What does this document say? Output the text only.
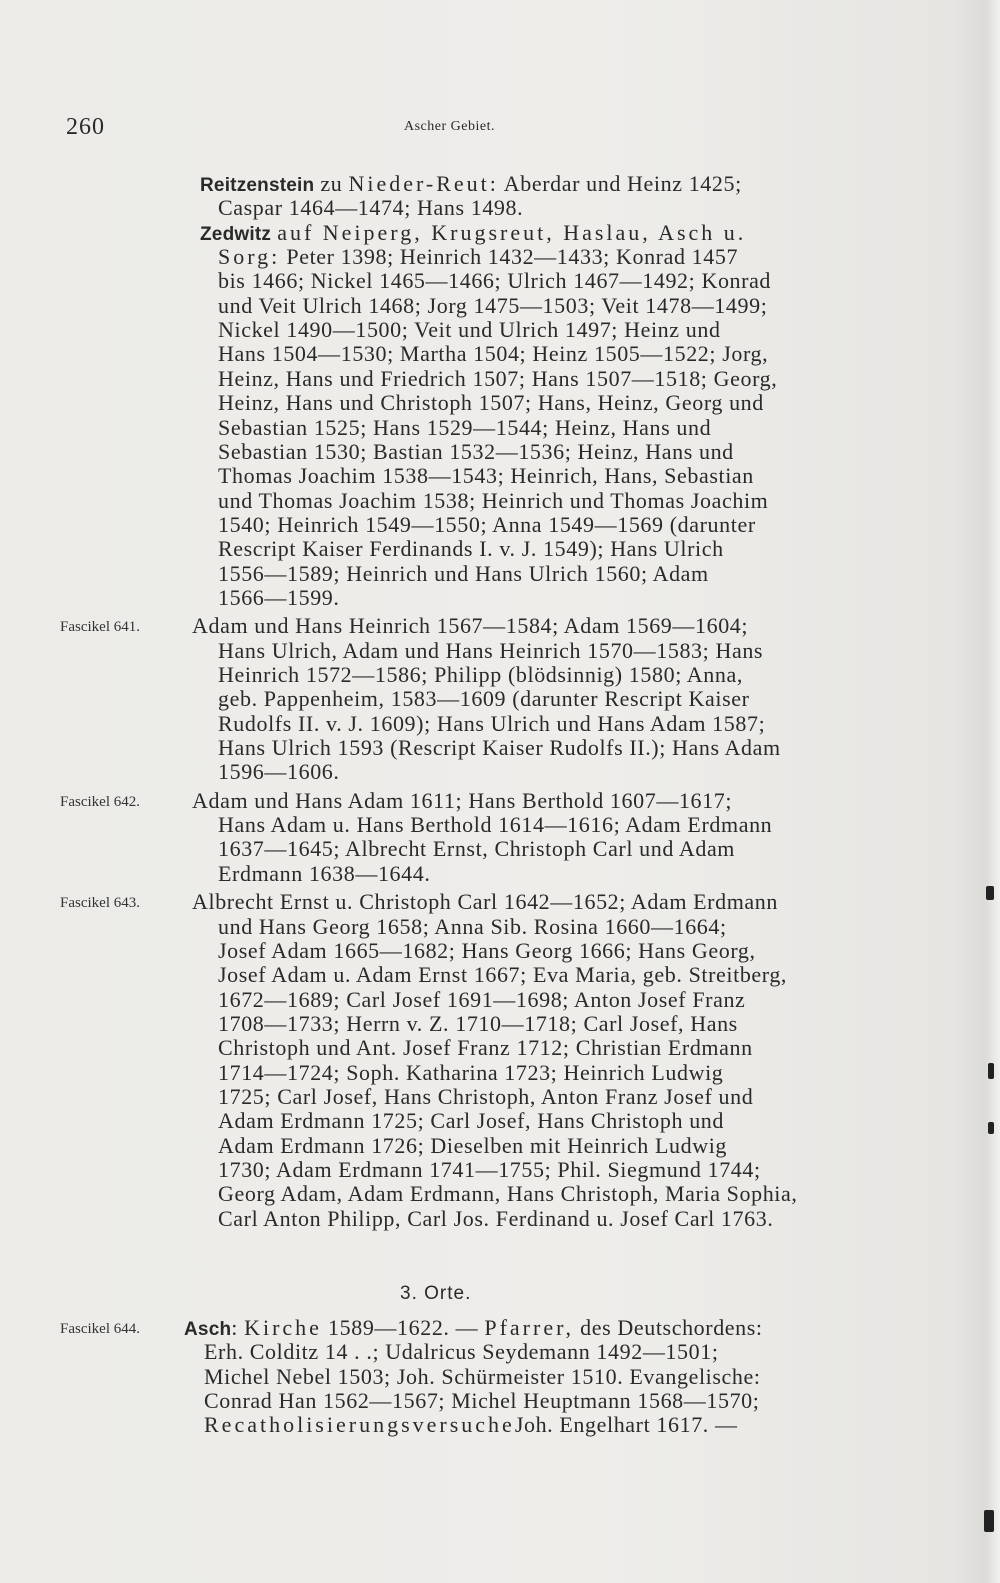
260	Ascher Gebiet.
Reitzenstein zu Nieder-Reut: Aberdar und Heinz 1425;
Caspar 1464—1474; Hans 1498.
Zedwitz auf Neiperg, Krugsreut, Haslau, Asch u.
Sorg: Peter 1398; Heinrich 1432—1433; Konrad 1457
bis 1466; Nickel 1465—1466; Ulrich 1467—1492; Konrad
und Veit Ulrich 1468; Jorg 1475—1503; Veit 1478—1499;
Nickel 1490—1500; Veit und Ulrich 1497; Heinz und
Hans 1504—1530; Martha 1504; Heinz 1505—1522; Jorg,
Heinz, Hans und Friedrich 1507; Hans 1507—1518; Georg,
Heinz, Hans und Christoph 1507; Hans, Heinz, Georg und
Sebastian 1525; Hans 1529—1544; Heinz, Hans und
Sebastian 1530; Bastian 1532—1536; Heinz, Hans und
Thomas Joachim 1538—1543; Heinrich, Hans, Sebastian
und Thomas Joachim 1538; Heinrich und Thomas Joachim
1540; Heinrich 1549—1550; Anna 1549—1569 (darunter
Rescript Kaiser Ferdinands I. v. J. 1549); Hans Ulrich
1556—1589; Heinrich und Hans Ulrich 1560; Adam
1566—1599.
Fascikel 641. Adam und Hans Heinrich 1567—1584; Adam 1569—1604;
Hans Ulrich, Adam und Hans Heinrich 1570—1583; Hans
Heinrich 1572—1586; Philipp (blödsinnig) 1580; Anna,
geb. Pappenheim, 1583—1609 (darunter Rescript Kaiser
Rudolfs II. v. J. 1609); Hans Ulrich und Hans Adam 1587;
Hans Ulrich 1593 (Rescript Kaiser Rudolfs II.); Hans Adam
1596—1606.
Fascikel 642. Adam und Hans Adam 1611; Hans Berthold 1607—1617;
Hans Adam u. Hans Berthold 1614—1616; Adam Erdmann
1637—1645; Albrecht Ernst, Christoph Carl und Adam
Erdmann 1638—1644.
Fascikel 643. Albrecht Ernst u. Christoph Carl 1642—1652; Adam Erdmann
und Hans Georg 1658; Anna Sib. Rosina 1660—1664;
Josef Adam 1665—1682; Hans Georg 1666; Hans Georg,
Josef Adam u. Adam Ernst 1667; Eva Maria, geb. Streitberg,
1672—1689; Carl Josef 1691—1698; Anton Josef Franz
1708—1733; Herrn v. Z. 1710—1718; Carl Josef, Hans
Christoph und Ant. Josef Franz 1712; Christian Erdmann
1714—1724; Soph. Katharina 1723; Heinrich Ludwig
1725; Carl Josef, Hans Christoph, Anton Franz Josef und
Adam Erdmann 1725; Carl Josef, Hans Christoph und
Adam Erdmann 1726; Dieselben mit Heinrich Ludwig
1730; Adam Erdmann 1741—1755; Phil. Siegmund 1744;
Georg Adam, Adam Erdmann, Hans Christoph, Maria Sophia,
Carl Anton Philipp, Carl Jos. Ferdinand u. Josef Carl 1763.
3. Orte.
Fascikel 644. Asch: Kirche 1589—1622. — Pfarrer, des Deutschordens:
Erh. Colditz 14 . .; Udalricus Seydemann 1492—1501;
Michel Nebel 1503; Joh. Schürmeister 1510. Evangelische:
Conrad Han 1562—1567; Michel Heuptmann 1568—1570;
RecatholisierungsversucheJoh. Engelhart 1617. —
